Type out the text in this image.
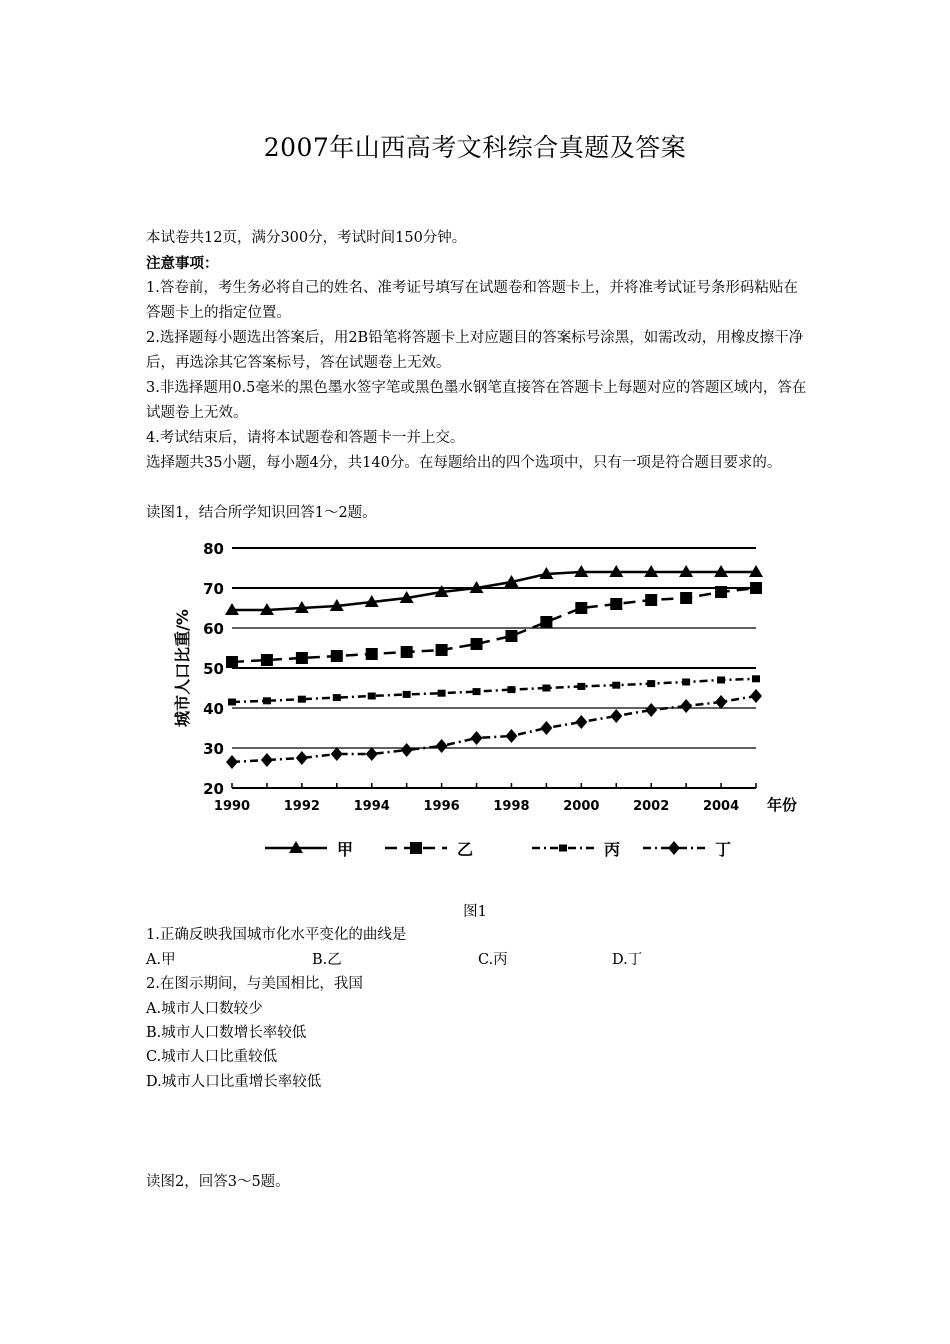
2007年山西高考文科综合真题及答案
本试卷共12页，满分300分，考试时间150分钟。
注意事项：
1.答卷前，考生务必将自己的姓名、准考证号填写在试题卷和答题卡上，并将准考试证号条形码粘贴在答题卡上的指定位置。
2.选择题每小题选出答案后，用2B铅笔将答题卡上对应题目的答案标号涂黑，如需改动，用橡皮擦干净后，再选涂其它答案标号，答在试题卷上无效。
3.非选择题用0.5毫米的黑色墨水签字笔或黑色墨水钢笔直接答在答题卡上每题对应的答题区域内，答在试题卷上无效。
4.考试结束后，请将本试题卷和答题卡一并上交。
选择题共35小题，每小题4分，共140分。在每题给出的四个选项中，只有一项是符合题目要求的。
读图1，结合所学知识回答1～2题。
20
30
40
50
60
70
80
1990	1992	1994	1996	1998	2000	2002	2004 年份
城市人口比重/%
甲	乙	丙	丁
图1
1.正确反映我国城市化水平变化的曲线是
A.甲	B.乙	C.丙	D.丁
2.在图示期间，与美国相比，我国
A.城市人口数较少
B.城市人口数增长率较低
C.城市人口比重较低
D.城市人口比重增长率较低
读图2，回答3～5题。
